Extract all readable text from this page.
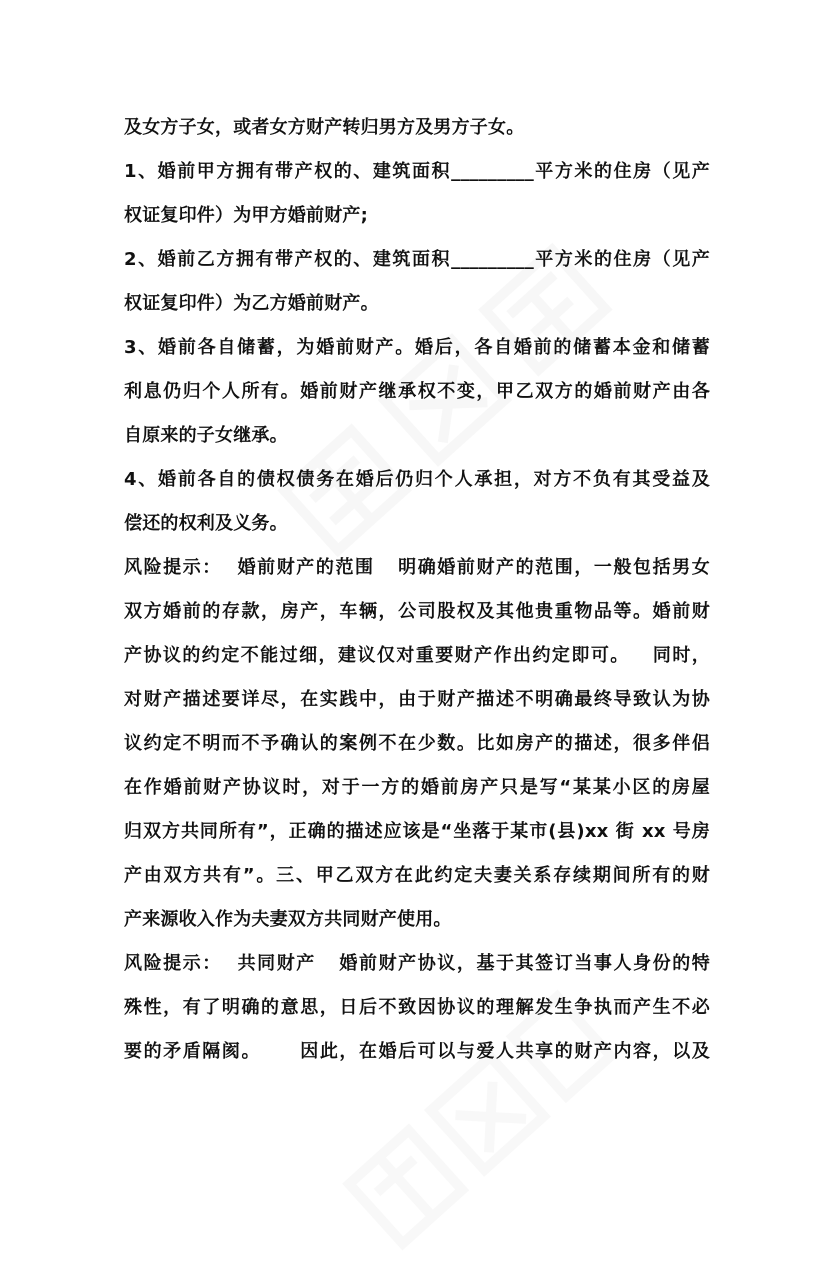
及女方子女，或者女方财产转归男方及男方子女。
1、婚前甲方拥有带产权的、建筑面积_________平方米的住房（见产
权证复印件）为甲方婚前财产;
2、婚前乙方拥有带产权的、建筑面积_________平方米的住房（见产
权证复印件）为乙方婚前财产。
3、婚前各自储蓄，为婚前财产。婚后，各自婚前的储蓄本金和储蓄
利息仍归个人所有。婚前财产继承权不变，甲乙双方的婚前财产由各
自原来的子女继承。
4、婚前各自的债权债务在婚后仍归个人承担，对方不负有其受益及
偿还的权利及义务。
风险提示：  婚前财产的范围   明确婚前财产的范围，一般包括男女
双方婚前的存款，房产，车辆，公司股权及其他贵重物品等。婚前财
产协议的约定不能过细，建议仅对重要财产作出约定即可。   同时，
对财产描述要详尽，在实践中，由于财产描述不明确最终导致认为协
议约定不明而不予确认的案例不在少数。比如房产的描述，很多伴侣
在作婚前财产协议时，对于一方的婚前房产只是写“某某小区的房屋
归双方共同所有”，正确的描述应该是“坐落于某市(县)xx 街 xx 号房
产由双方共有”。三、甲乙双方在此约定夫妻关系存续期间所有的财
产来源收入作为夫妻双方共同财产使用。
风险提示：  共同财产   婚前财产协议，基于其签订当事人身份的特
殊性，有了明确的意思，日后不致因协议的理解发生争执而产生不必
要的矛盾隔阂。     因此，在婚后可以与爱人共享的财产内容，以及
